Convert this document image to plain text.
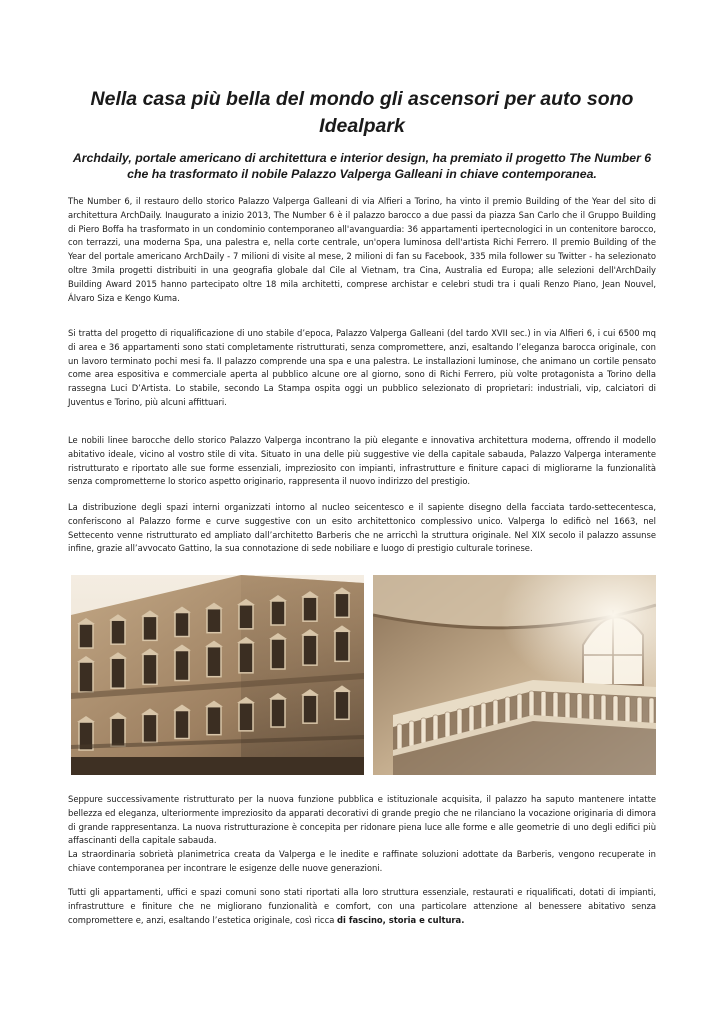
Nella casa più bella del mondo gli ascensori per auto sono Idealpark

Archdaily, portale americano di architettura e interior design, ha premiato il progetto The Number 6 che ha trasformato il nobile Palazzo Valperga Galleani in chiave contemporanea.

The Number 6, il restauro dello storico Palazzo Valperga Galleani di via Alfieri a Torino, ha vinto il premio Building of the Year del sito di architettura ArchDaily. Inaugurato a inizio 2013, The Number 6 è il palazzo barocco a due passi da piazza San Carlo che il Gruppo Building di Piero Boffa ha trasformato in un condominio contemporaneo all'avanguardia: 36 appartamenti ipertecnologici in un contenitore barocco, con terrazzi, una moderna Spa, una palestra e, nella corte centrale, un'opera luminosa dell'artista Richi Ferrero. Il premio Building of the Year del portale americano ArchDaily - 7 milioni di visite al mese, 2 milioni di fan su Facebook, 335 mila follower su Twitter - ha selezionato oltre 3mila progetti distribuiti in una geografia globale dal Cile al Vietnam, tra Cina, Australia ed Europa; alle selezioni dell'ArchDaily Building Award 2015 hanno partecipato oltre 18 mila architetti, comprese archistar e celebri studi tra i quali Renzo Piano, Jean Nouvel, Álvaro Siza e Kengo Kuma.

Si tratta del progetto di riqualificazione di uno stabile d’epoca, Palazzo Valperga Galleani (del tardo XVII sec.) in via Alfieri 6, i cui 6500 mq di area e 36 appartamenti sono stati completamente ristrutturati, senza compromettere, anzi, esaltando l’eleganza barocca originale, con un lavoro terminato pochi mesi fa. Il palazzo comprende una spa e una palestra. Le installazioni luminose, che animano un cortile pensato come area espositiva e commerciale aperta al pubblico alcune ore al giorno, sono di Richi Ferrero, più volte protagonista a Torino della rassegna Luci D’Artista. Lo stabile, secondo La Stampa ospita oggi un pubblico selezionato di proprietari: industriali, vip, calciatori di Juventus e Torino, più alcuni affittuari.

Le nobili linee barocche dello storico Palazzo Valperga incontrano la più elegante e innovativa architettura moderna, offrendo il modello abitativo ideale, vicino al vostro stile di vita. Situato in una delle più suggestive vie della capitale sabauda, Palazzo Valperga interamente ristrutturato e riportato alle sue forme essenziali, impreziosito con impianti, infrastrutture e finiture capaci di migliorarne la funzionalità senza comprometterne lo storico aspetto originario, rappresenta il nuovo indirizzo del prestigio.

La distribuzione degli spazi interni organizzati intorno al nucleo seicentesco e il sapiente disegno della facciata tardo-settecentesca, conferiscono al Palazzo forme e curve suggestive con un esito architettonico complessivo unico. Valperga lo edificò nel 1663, nel Settecento venne ristrutturato ed ampliato dall’architetto Barberis che ne arricchì la struttura originale. Nel XIX secolo il palazzo assunse infine, grazie all’avvocato Gattino, la sua connotazione di sede nobiliare e luogo di prestigio culturale torinese.

Seppure successivamente ristrutturato per la nuova funzione pubblica e istituzionale acquisita, il palazzo ha saputo mantenere intatte bellezza ed eleganza, ulteriormente impreziosito da apparati decorativi di grande pregio che ne rilanciano la vocazione originaria di dimora di grande rappresentanza. La nuova ristrutturazione è concepita per ridonare piena luce alle forme e alle geometrie di uno degli edifici più affascinanti della capitale sabauda.
La straordinaria sobrietà planimetrica creata da Valperga e le inedite e raffinate soluzioni adottate da Barberis, vengono recuperate in chiave contemporanea per incontrare le esigenze delle nuove generazioni.

Tutti gli appartamenti, uffici e spazi comuni sono stati riportati alla loro struttura essenziale, restaurati e riqualificati, dotati di impianti, infrastrutture e finiture che ne migliorano funzionalità e comfort, con una particolare attenzione al benessere abitativo senza compromettere e, anzi, esaltando l’estetica originale, così ricca di fascino, storia e cultura.
